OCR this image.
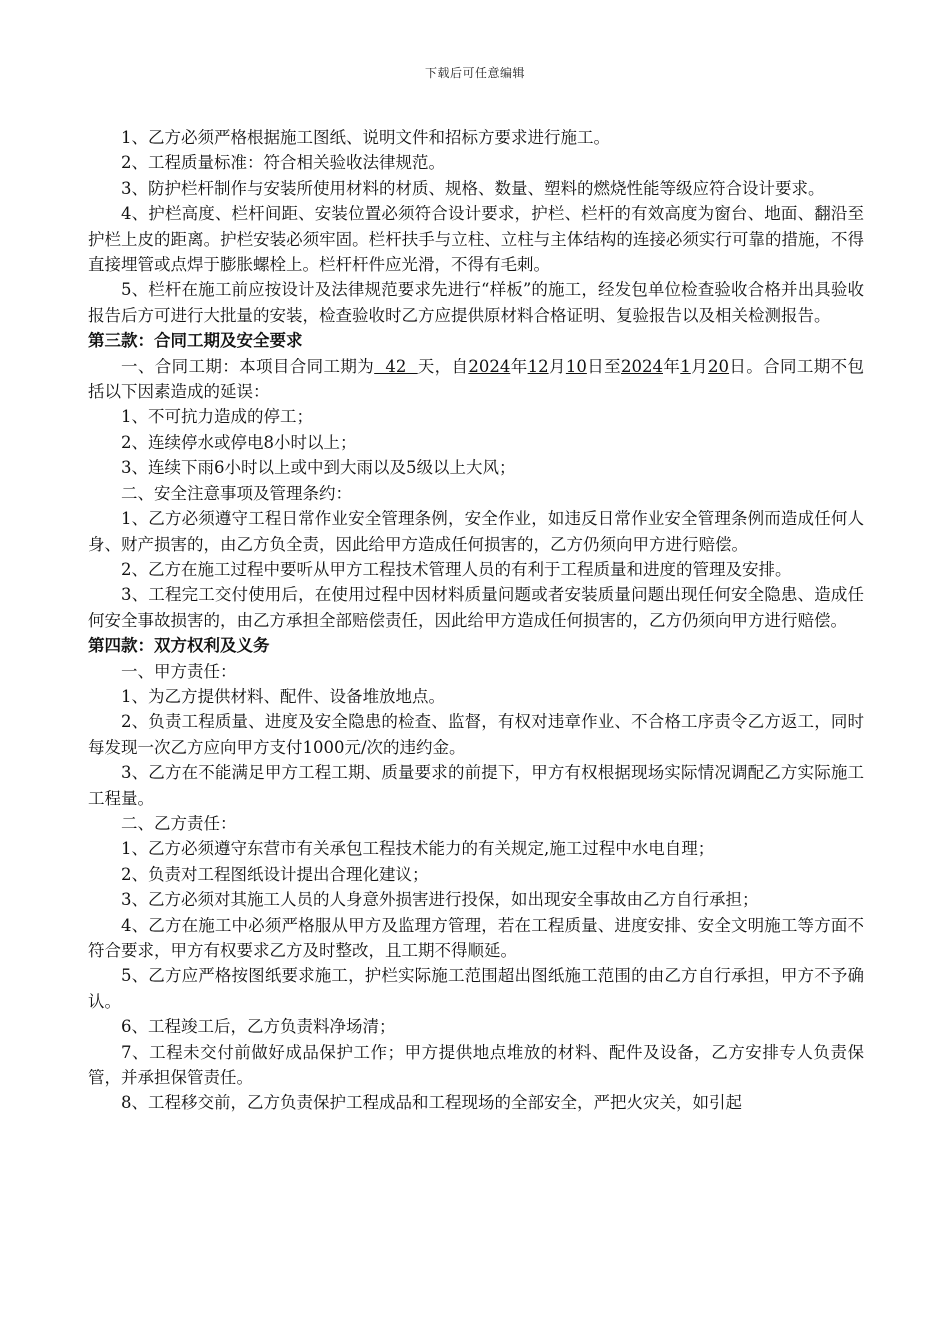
下载后可任意编辑

1、乙方必须严格根据施工图纸、说明文件和招标方要求进行施工。

2、工程质量标准：符合相关验收法律规范。

3、防护栏杆制作与安装所使用材料的材质、规格、数量、塑料的燃烧性能等级应符合设计要求。

4、护栏高度、栏杆间距、安装位置必须符合设计要求，护栏、栏杆的有效高度为窗台、地面、翻沿至护栏上皮的距离。护栏安装必须牢固。栏杆扶手与立柱、立柱与主体结构的连接必须实行可靠的措施，不得直接埋管或点焊于膨胀螺栓上。栏杆杆件应光滑，不得有毛刺。

5、栏杆在施工前应按设计及法律规范要求先进行“样板”的施工，经发包单位检查验收合格并出具验收报告后方可进行大批量的安装，检查验收时乙方应提供原材料合格证明、复验报告以及相关检测报告。

第三款：合同工期及安全要求

一、合同工期：本项目合同工期为  42  天，自2024年12月10日至2024年1月20日。合同工期不包括以下因素造成的延误：

1、不可抗力造成的停工；

2、连续停水或停电8小时以上；

3、连续下雨6小时以上或中到大雨以及5级以上大风；

二、安全注意事项及管理条约：

1、乙方必须遵守工程日常作业安全管理条例，安全作业，如违反日常作业安全管理条例而造成任何人身、财产损害的，由乙方负全责，因此给甲方造成任何损害的，乙方仍须向甲方进行赔偿。

2、乙方在施工过程中要听从甲方工程技术管理人员的有利于工程质量和进度的管理及安排。

3、工程完工交付使用后，在使用过程中因材料质量问题或者安装质量问题出现任何安全隐患、造成任何安全事故损害的，由乙方承担全部赔偿责任，因此给甲方造成任何损害的，乙方仍须向甲方进行赔偿。

第四款：双方权利及义务

一、甲方责任：

1、为乙方提供材料、配件、设备堆放地点。

2、负责工程质量、进度及安全隐患的检查、监督，有权对违章作业、不合格工序责令乙方返工，同时每发现一次乙方应向甲方支付1000元/次的违约金。

3、乙方在不能满足甲方工程工期、质量要求的前提下，甲方有权根据现场实际情况调配乙方实际施工工程量。

二、乙方责任：

1、乙方必须遵守东营市有关承包工程技术能力的有关规定,施工过程中水电自理；

2、负责对工程图纸设计提出合理化建议；

3、乙方必须对其施工人员的人身意外损害进行投保，如出现安全事故由乙方自行承担；

4、乙方在施工中必须严格服从甲方及监理方管理，若在工程质量、进度安排、安全文明施工等方面不符合要求，甲方有权要求乙方及时整改，且工期不得顺延。

5、乙方应严格按图纸要求施工，护栏实际施工范围超出图纸施工范围的由乙方自行承担，甲方不予确认。

6、工程竣工后，乙方负责料净场清；

7、工程未交付前做好成品保护工作；甲方提供地点堆放的材料、配件及设备，乙方安排专人负责保管，并承担保管责任。

8、工程移交前，乙方负责保护工程成品和工程现场的全部安全，严把火灾关，如引起
